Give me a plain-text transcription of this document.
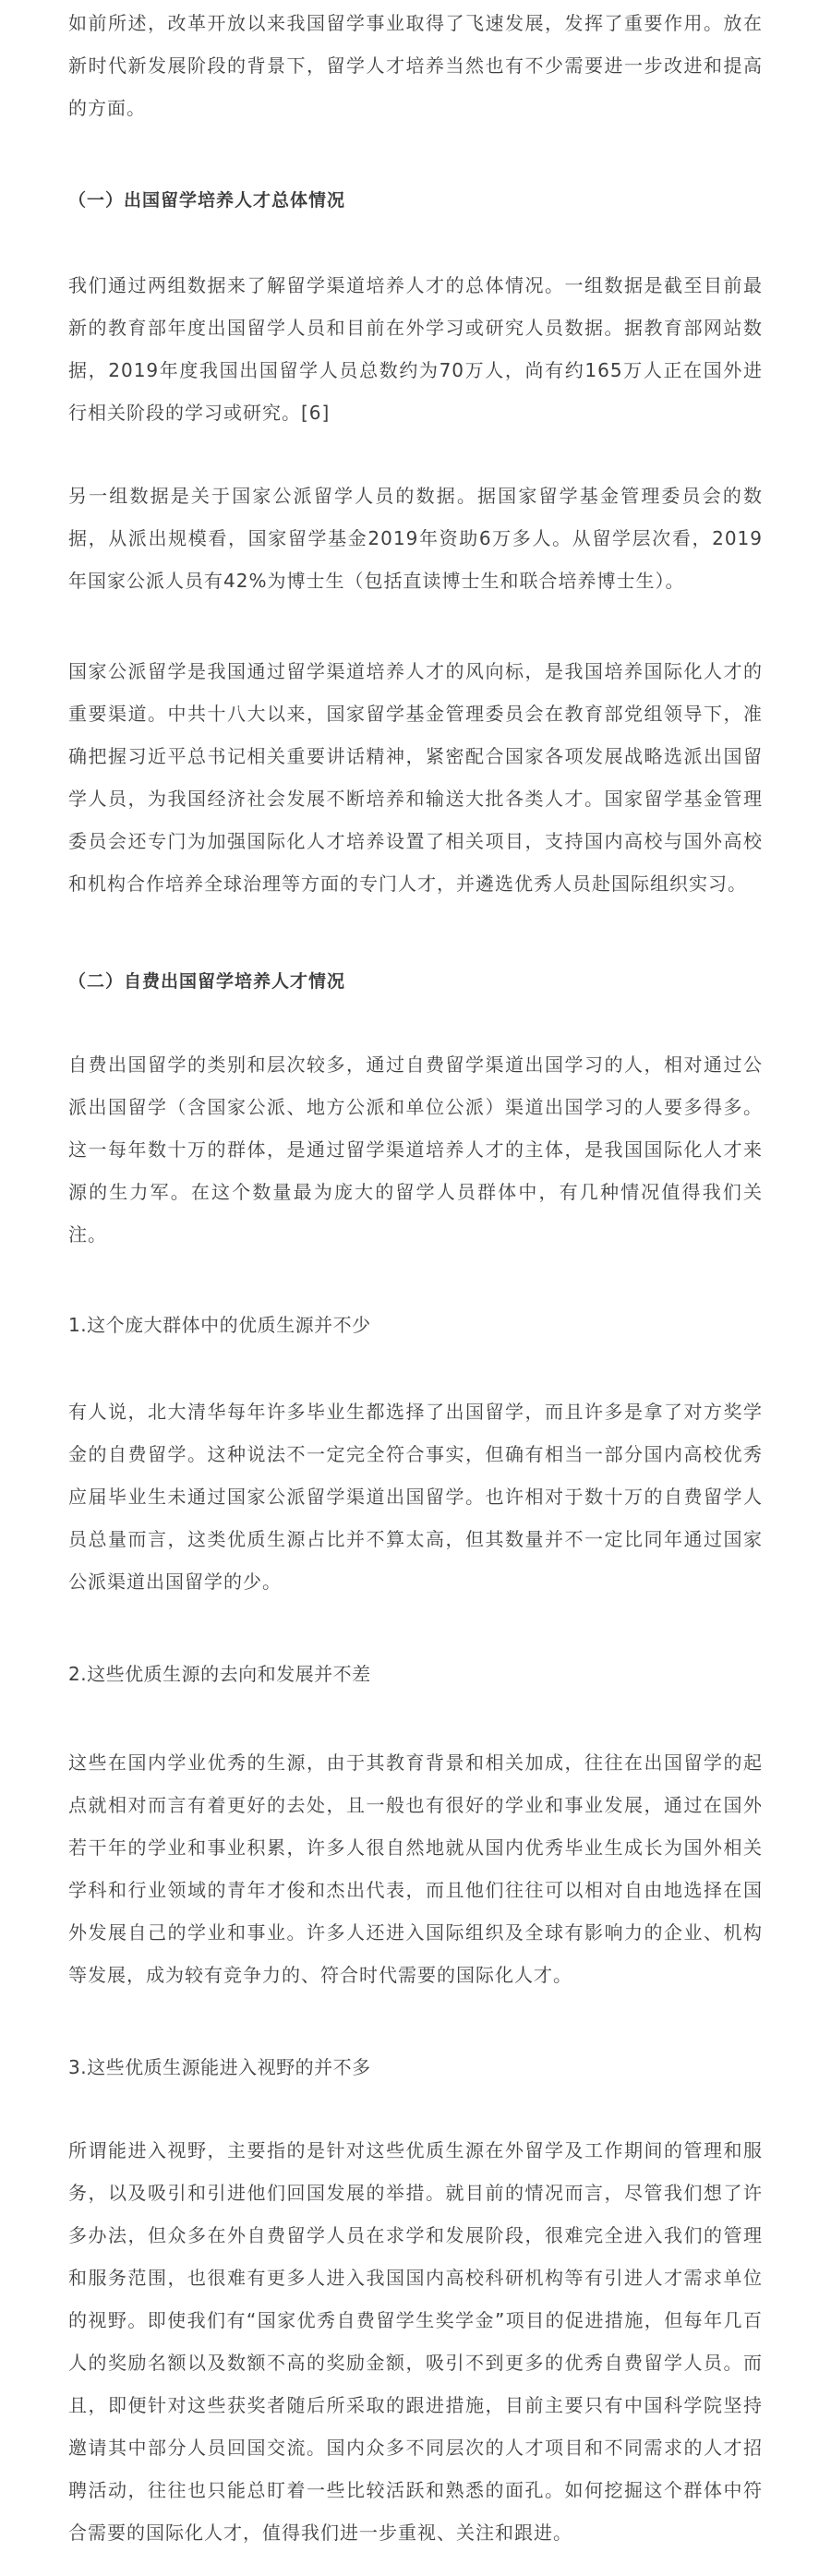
如前所述，改革开放以来我国留学事业取得了飞速发展，发挥了重要作用。放在新时代新发展阶段的背景下，留学人才培养当然也有不少需要进一步改进和提高的方面。

（一）出国留学培养人才总体情况

我们通过两组数据来了解留学渠道培养人才的总体情况。一组数据是截至目前最新的教育部年度出国留学人员和目前在外学习或研究人员数据。据教育部网站数据，2019年度我国出国留学人员总数约为70万人，尚有约165万人正在国外进行相关阶段的学习或研究。[6]

另一组数据是关于国家公派留学人员的数据。据国家留学基金管理委员会的数据，从派出规模看，国家留学基金2019年资助6万多人。从留学层次看，2019年国家公派人员有42%为博士生（包括直读博士生和联合培养博士生）。

国家公派留学是我国通过留学渠道培养人才的风向标，是我国培养国际化人才的重要渠道。中共十八大以来，国家留学基金管理委员会在教育部党组领导下，准确把握习近平总书记相关重要讲话精神，紧密配合国家各项发展战略选派出国留学人员，为我国经济社会发展不断培养和输送大批各类人才。国家留学基金管理委员会还专门为加强国际化人才培养设置了相关项目，支持国内高校与国外高校和机构合作培养全球治理等方面的专门人才，并遴选优秀人员赴国际组织实习。

（二）自费出国留学培养人才情况

自费出国留学的类别和层次较多，通过自费留学渠道出国学习的人，相对通过公派出国留学（含国家公派、地方公派和单位公派）渠道出国学习的人要多得多。这一每年数十万的群体，是通过留学渠道培养人才的主体，是我国国际化人才来源的生力军。在这个数量最为庞大的留学人员群体中，有几种情况值得我们关注。

1.这个庞大群体中的优质生源并不少

有人说，北大清华每年许多毕业生都选择了出国留学，而且许多是拿了对方奖学金的自费留学。这种说法不一定完全符合事实，但确有相当一部分国内高校优秀应届毕业生未通过国家公派留学渠道出国留学。也许相对于数十万的自费留学人员总量而言，这类优质生源占比并不算太高，但其数量并不一定比同年通过国家公派渠道出国留学的少。

2.这些优质生源的去向和发展并不差

这些在国内学业优秀的生源，由于其教育背景和相关加成，往往在出国留学的起点就相对而言有着更好的去处，且一般也有很好的学业和事业发展，通过在国外若干年的学业和事业积累，许多人很自然地就从国内优秀毕业生成长为国外相关学科和行业领域的青年才俊和杰出代表，而且他们往往可以相对自由地选择在国外发展自己的学业和事业。许多人还进入国际组织及全球有影响力的企业、机构等发展，成为较有竞争力的、符合时代需要的国际化人才。

3.这些优质生源能进入视野的并不多

所谓能进入视野，主要指的是针对这些优质生源在外留学及工作期间的管理和服务，以及吸引和引进他们回国发展的举措。就目前的情况而言，尽管我们想了许多办法，但众多在外自费留学人员在求学和发展阶段，很难完全进入我们的管理和服务范围，也很难有更多人进入我国国内高校科研机构等有引进人才需求单位的视野。即使我们有“国家优秀自费留学生奖学金”项目的促进措施，但每年几百人的奖励名额以及数额不高的奖励金额，吸引不到更多的优秀自费留学人员。而且，即便针对这些获奖者随后所采取的跟进措施，目前主要只有中国科学院坚持邀请其中部分人员回国交流。国内众多不同层次的人才项目和不同需求的人才招聘活动，往往也只能总盯着一些比较活跃和熟悉的面孔。如何挖掘这个群体中符合需要的国际化人才，值得我们进一步重视、关注和跟进。
